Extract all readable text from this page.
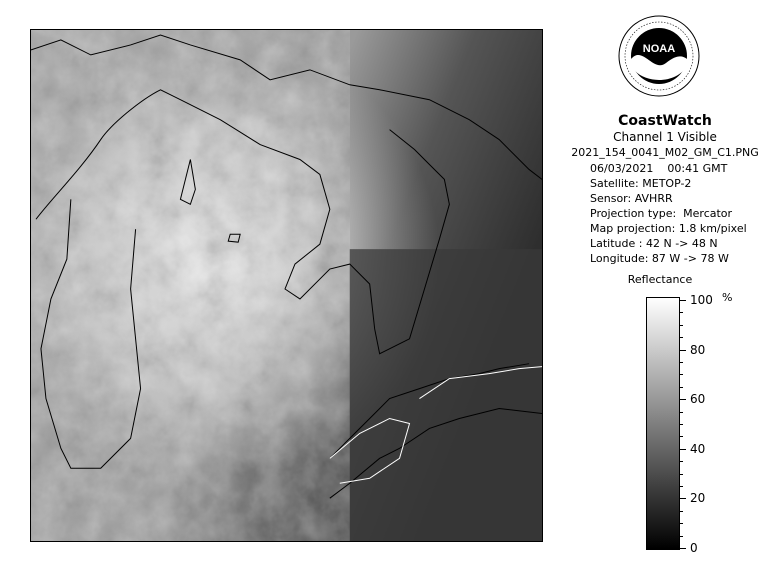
NOAA
CoastWatch
Channel 1 Visible
2021_154_0041_M02_GM_C1.PNG
06/03/2021    00:41 GMT
Satellite: METOP-2
Sensor: AVHRR
Projection type:  Mercator
Map projection: 1.8 km/pixel
Latitude : 42 N -> 48 N
Longitude: 87 W -> 78 W
Reflectance
%
100
80
60
40
20
0
